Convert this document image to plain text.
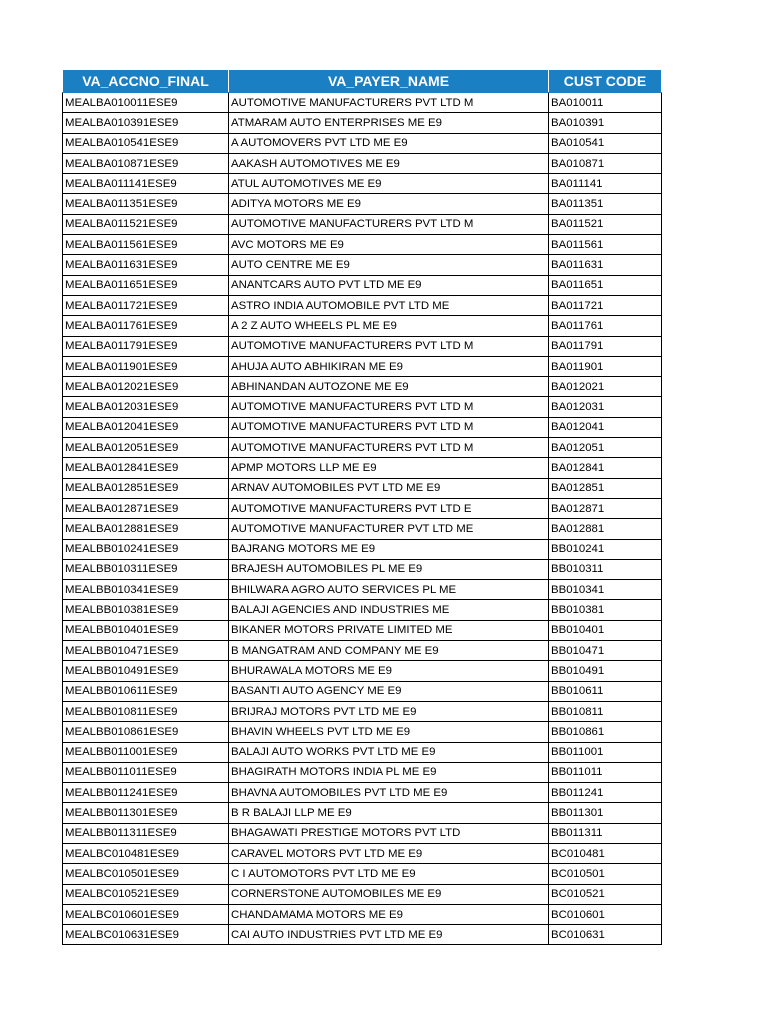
VA_ACCNO_FINAL	VA_PAYER_NAME	CUST CODE
MEALBA010011ESE9	AUTOMOTIVE MANUFACTURERS PVT LTD M	BA010011
MEALBA010391ESE9	ATMARAM AUTO ENTERPRISES ME E9	BA010391
MEALBA010541ESE9	A AUTOMOVERS PVT LTD ME E9	BA010541
MEALBA010871ESE9	AAKASH AUTOMOTIVES ME E9	BA010871
MEALBA011141ESE9	ATUL AUTOMOTIVES ME E9	BA011141
MEALBA011351ESE9	ADITYA MOTORS ME E9	BA011351
MEALBA011521ESE9	AUTOMOTIVE MANUFACTURERS PVT LTD M	BA011521
MEALBA011561ESE9	AVC MOTORS ME E9	BA011561
MEALBA011631ESE9	AUTO CENTRE ME E9	BA011631
MEALBA011651ESE9	ANANTCARS AUTO PVT LTD ME E9	BA011651
MEALBA011721ESE9	ASTRO INDIA AUTOMOBILE PVT LTD ME	BA011721
MEALBA011761ESE9	A 2 Z AUTO WHEELS PL ME E9	BA011761
MEALBA011791ESE9	AUTOMOTIVE MANUFACTURERS PVT LTD M	BA011791
MEALBA011901ESE9	AHUJA AUTO ABHIKIRAN ME E9	BA011901
MEALBA012021ESE9	ABHINANDAN AUTOZONE ME E9	BA012021
MEALBA012031ESE9	AUTOMOTIVE MANUFACTURERS PVT LTD M	BA012031
MEALBA012041ESE9	AUTOMOTIVE MANUFACTURERS PVT LTD M	BA012041
MEALBA012051ESE9	AUTOMOTIVE MANUFACTURERS PVT LTD M	BA012051
MEALBA012841ESE9	APMP MOTORS LLP ME E9	BA012841
MEALBA012851ESE9	ARNAV AUTOMOBILES PVT LTD ME E9	BA012851
MEALBA012871ESE9	AUTOMOTIVE MANUFACTURERS PVT LTD E	BA012871
MEALBA012881ESE9	AUTOMOTIVE MANUFACTURER PVT LTD ME	BA012881
MEALBB010241ESE9	BAJRANG MOTORS ME E9	BB010241
MEALBB010311ESE9	BRAJESH AUTOMOBILES PL ME E9	BB010311
MEALBB010341ESE9	BHILWARA AGRO AUTO SERVICES PL ME	BB010341
MEALBB010381ESE9	BALAJI AGENCIES AND INDUSTRIES ME	BB010381
MEALBB010401ESE9	BIKANER MOTORS PRIVATE LIMITED ME	BB010401
MEALBB010471ESE9	B MANGATRAM AND COMPANY ME E9	BB010471
MEALBB010491ESE9	BHURAWALA MOTORS ME E9	BB010491
MEALBB010611ESE9	BASANTI AUTO AGENCY ME E9	BB010611
MEALBB010811ESE9	BRIJRAJ MOTORS PVT LTD ME E9	BB010811
MEALBB010861ESE9	BHAVIN WHEELS PVT LTD ME E9	BB010861
MEALBB011001ESE9	BALAJI AUTO WORKS PVT LTD ME E9	BB011001
MEALBB011011ESE9	BHAGIRATH MOTORS INDIA PL ME E9	BB011011
MEALBB011241ESE9	BHAVNA AUTOMOBILES PVT LTD ME E9	BB011241
MEALBB011301ESE9	B R BALAJI LLP ME E9	BB011301
MEALBB011311ESE9	BHAGAWATI PRESTIGE MOTORS PVT LTD	BB011311
MEALBC010481ESE9	CARAVEL MOTORS PVT LTD ME E9	BC010481
MEALBC010501ESE9	C I AUTOMOTORS PVT LTD ME E9	BC010501
MEALBC010521ESE9	CORNERSTONE AUTOMOBILES ME E9	BC010521
MEALBC010601ESE9	CHANDAMAMA MOTORS ME E9	BC010601
MEALBC010631ESE9	CAI AUTO INDUSTRIES PVT LTD ME E9	BC010631
